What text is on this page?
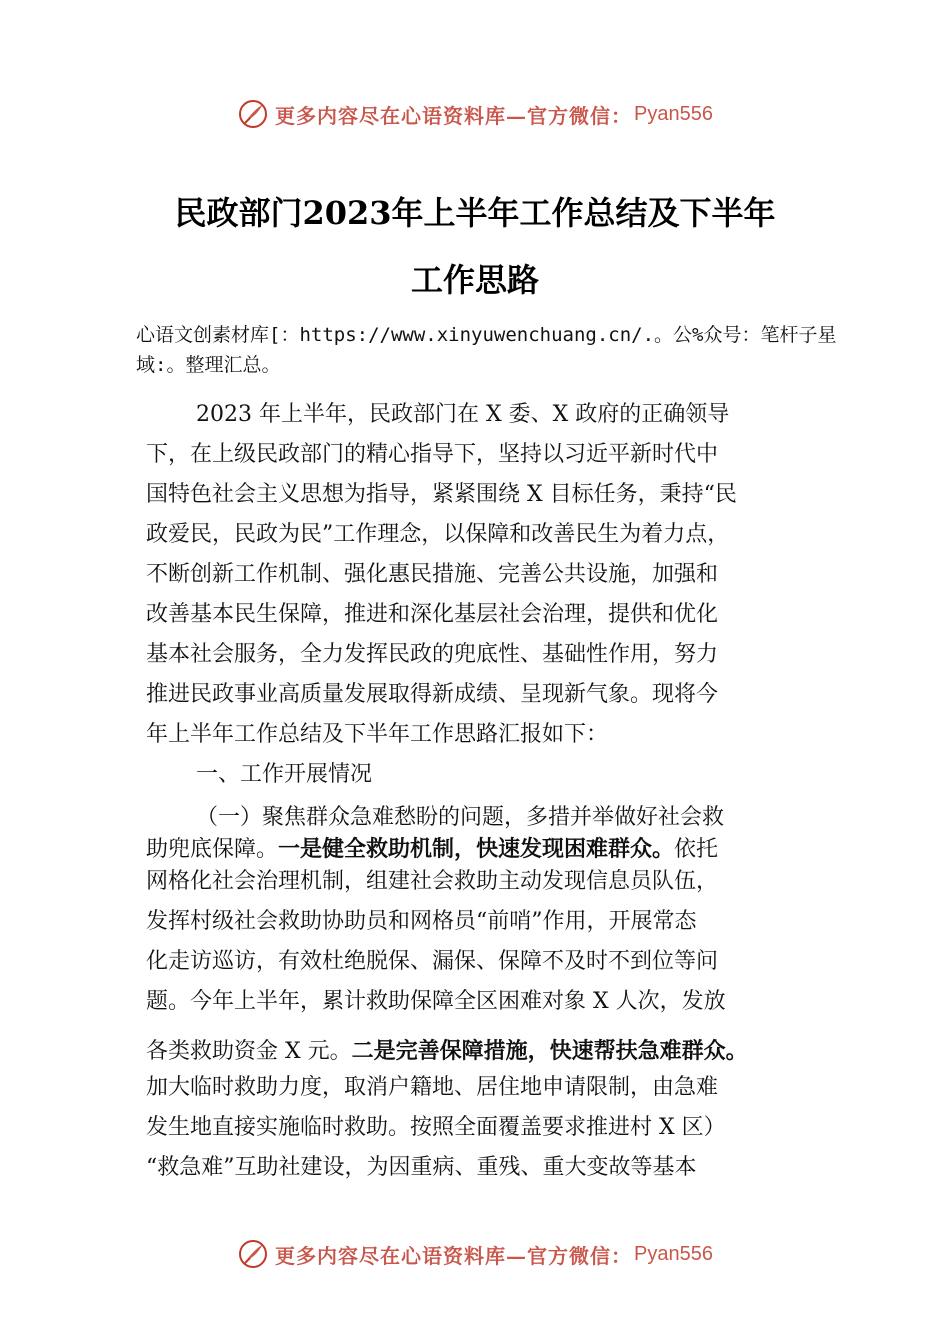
更多内容尽在心语资料库—官方微信： Pyan556
民政部门2023年上半年工作总结及下半年
工作思路
心语文创素材库[：https://www.xinyuwenchuang.cn/.。公%众号：笔杆子星域:。整理汇总。
2023 年上半年，民政部门在 X 委、X 政府的正确领导
下，在上级民政部门的精心指导下，坚持以习近平新时代中
国特色社会主义思想为指导，紧紧围绕 X 目标任务，秉持“民
政爱民，民政为民”工作理念，以保障和改善民生为着力点，
不断创新工作机制、强化惠民措施、完善公共设施，加强和
改善基本民生保障，推进和深化基层社会治理，提供和优化
基本社会服务，全力发挥民政的兜底性、基础性作用，努力
推进民政事业高质量发展取得新成绩、呈现新气象。现将今
年上半年工作总结及下半年工作思路汇报如下：
一、工作开展情况
（一）聚焦群众急难愁盼的问题，多措并举做好社会救
助兜底保障。一是健全救助机制，快速发现困难群众。依托
网格化社会治理机制，组建社会救助主动发现信息员队伍，
发挥村级社会救助协助员和网格员“前哨”作用，开展常态
化走访巡访，有效杜绝脱保、漏保、保障不及时不到位等问
题。今年上半年，累计救助保障全区困难对象 X 人次，发放
各类救助资金 X 元。二是完善保障措施，快速帮扶急难群众。
加大临时救助力度，取消户籍地、居住地申请限制，由急难
发生地直接实施临时救助。按照全面覆盖要求推进村 X 区）
“救急难”互助社建设，为因重病、重残、重大变故等基本
更多内容尽在心语资料库—官方微信： Pyan556
